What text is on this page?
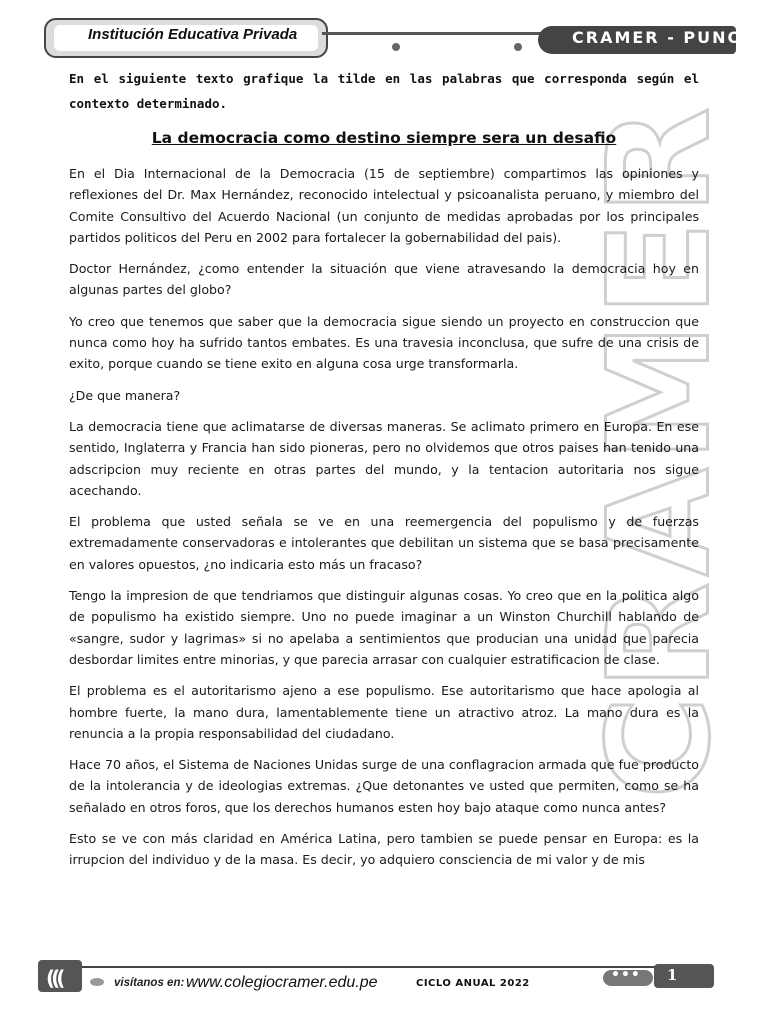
Institución Educativa Privada	CRAMER - PUNO
CRAMER

En el siguiente texto grafique la tilde en las palabras que corresponda según el contexto determinado.

La democracia como destino siempre sera un desafio

En el Dia Internacional de la Democracia (15 de septiembre) compartimos las opiniones y reflexiones del Dr. Max Hernández, reconocido intelectual y psicoanalista peruano, y miembro del Comite Consultivo del Acuerdo Nacional (un conjunto de medidas aprobadas por los principales partidos politicos del Peru en 2002 para fortalecer la gobernabilidad del pais).

Doctor Hernández, ¿como entender la situación que viene atravesando la democracia hoy en algunas partes del globo?

Yo creo que tenemos que saber que la democracia sigue siendo un proyecto en construccion que nunca como hoy ha sufrido tantos embates. Es una travesia inconclusa, que sufre de una crisis de exito, porque cuando se tiene exito en alguna cosa urge transformarla.

¿De que manera?

La democracia tiene que aclimatarse de diversas maneras. Se aclimato primero en Europa. En ese sentido, Inglaterra y Francia han sido pioneras, pero no olvidemos que otros paises han tenido una adscripcion muy reciente en otras partes del mundo, y la tentacion autoritaria nos sigue acechando.

El problema que usted señala se ve en una reemergencia del populismo y de fuerzas extremadamente conservadoras e intolerantes que debilitan un sistema que se basa precisamente en valores opuestos, ¿no indicaria esto más un fracaso?

Tengo la impresion de que tendriamos que distinguir algunas cosas. Yo creo que en la politica algo de populismo ha existido siempre. Uno no puede imaginar a un Winston Churchill hablando de «sangre, sudor y lagrimas» si no apelaba a sentimientos que producian una unidad que parecia desbordar limites entre minorias, y que parecia arrasar con cualquier estratificacion de clase.

El problema es el autoritarismo ajeno a ese populismo. Ese autoritarismo que hace apologia al hombre fuerte, la mano dura, lamentablemente tiene un atractivo atroz. La mano dura es la renuncia a la propia responsabilidad del ciudadano.

Hace 70 años, el Sistema de Naciones Unidas surge de una conflagracion armada que fue producto de la intolerancia y de ideologias extremas. ¿Que detonantes ve usted que permiten, como se ha señalado en otros foros, que los derechos humanos esten hoy bajo ataque como nunca antes?

Esto se ve con más claridad en América Latina, pero tambien se puede pensar en Europa: es la irrupcion del individuo y de la masa. Es decir, yo adquiero consciencia de mi valor y de mis

(((	visítanos en: www.colegiocramer.edu.pe	CICLO ANUAL 2022
••• 1
